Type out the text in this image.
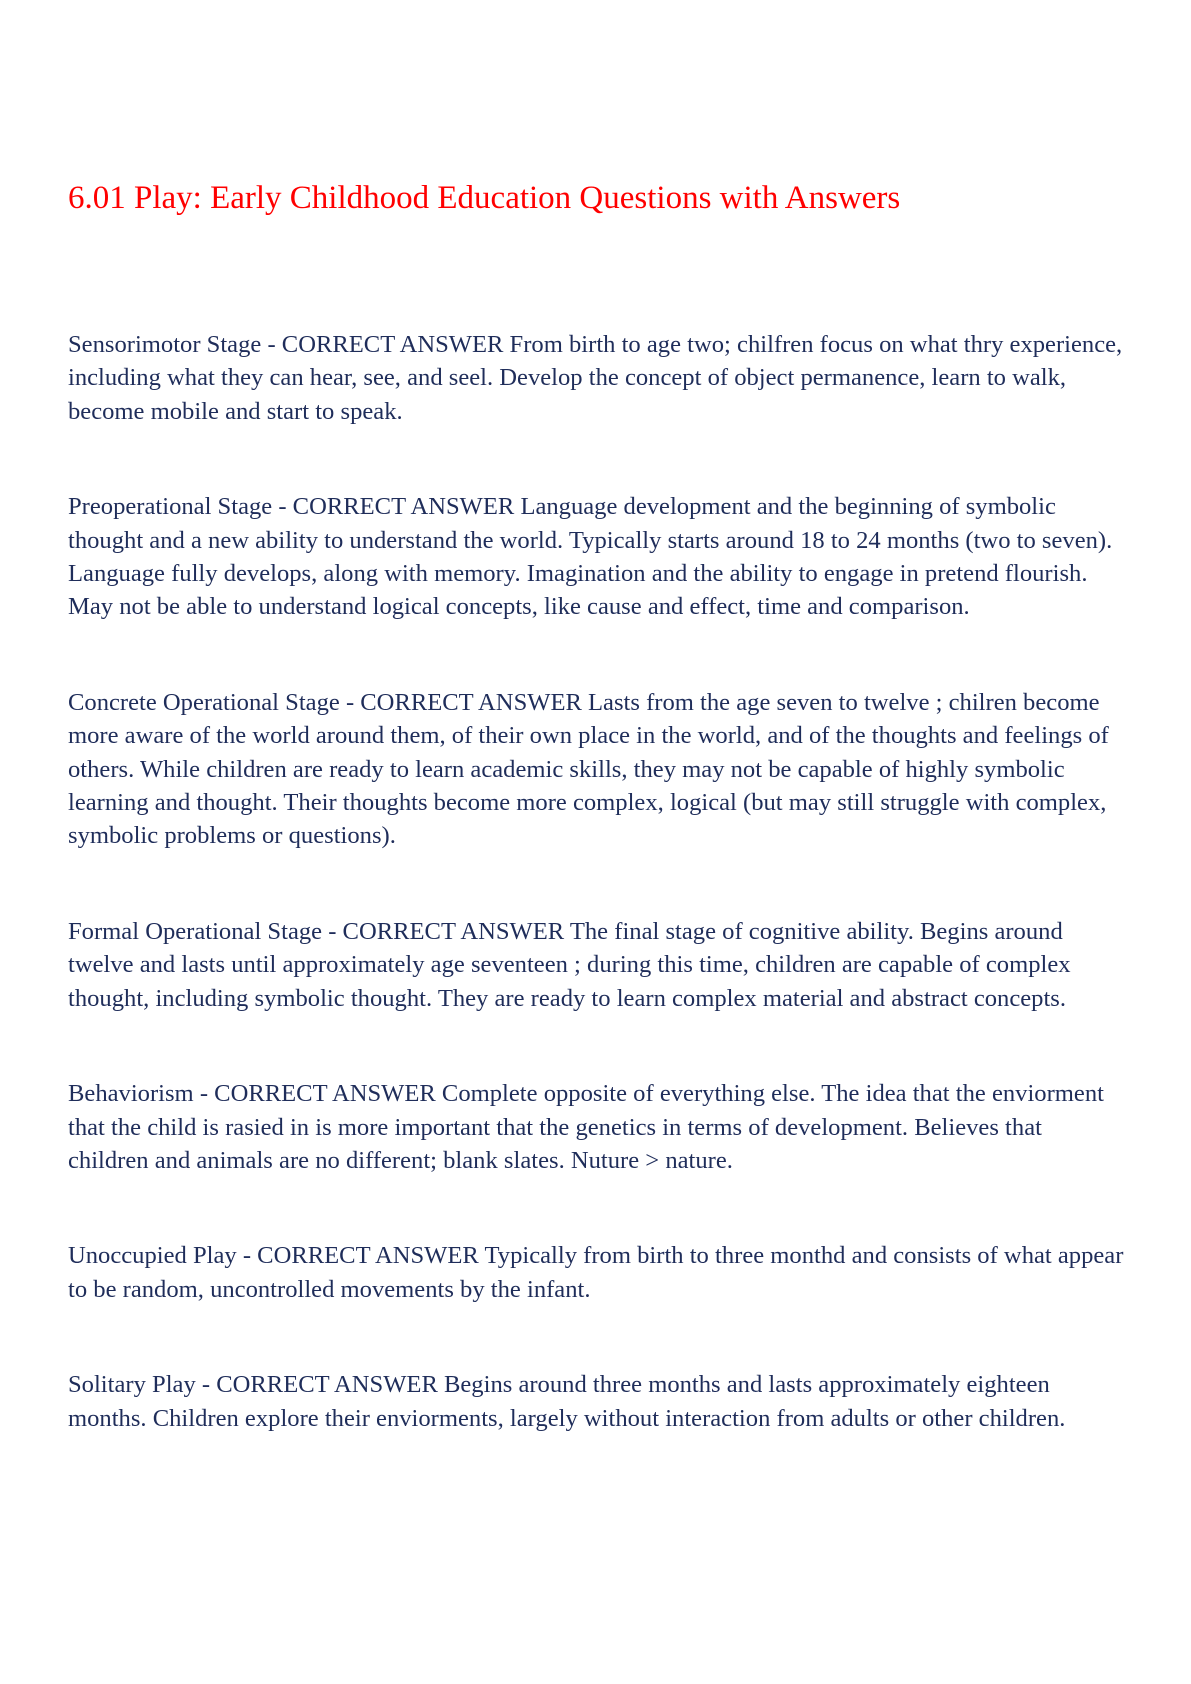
6.01 Play: Early Childhood Education Questions with Answers

Sensorimotor Stage - CORRECT ANSWER From birth to age two; chilfren focus on what thry experience, including what they can hear, see, and seel. Develop the concept of object permanence, learn to walk, become mobile and start to speak.

Preoperational Stage - CORRECT ANSWER Language development and the beginning of symbolic thought and a new ability to understand the world. Typically starts around 18 to 24 months (two to seven). Language fully develops, along with memory. Imagination and the ability to engage in pretend flourish. May not be able to understand logical concepts, like cause and effect, time and comparison.

Concrete Operational Stage - CORRECT ANSWER Lasts from the age seven to twelve ; chilren become more aware of the world around them, of their own place in the world, and of the thoughts and feelings of others. While children are ready to learn academic skills, they may not be capable of highly symbolic learning and thought. Their thoughts become more complex, logical (but may still struggle with complex, symbolic problems or questions).

Formal Operational Stage - CORRECT ANSWER The final stage of cognitive ability. Begins around twelve and lasts until approximately age seventeen ; during this time, children are capable of complex thought, including symbolic thought. They are ready to learn complex material and abstract concepts.

Behaviorism - CORRECT ANSWER Complete opposite of everything else. The idea that the enviorment that the child is rasied in is more important that the genetics in terms of development. Believes that children and animals are no different; blank slates. Nuture > nature.

Unoccupied Play - CORRECT ANSWER Typically from birth to three monthd and consists of what appear to be random, uncontrolled movements by the infant.

Solitary Play - CORRECT ANSWER Begins around three months and lasts approximately eighteen months. Children explore their enviorments, largely without interaction from adults or other children.
